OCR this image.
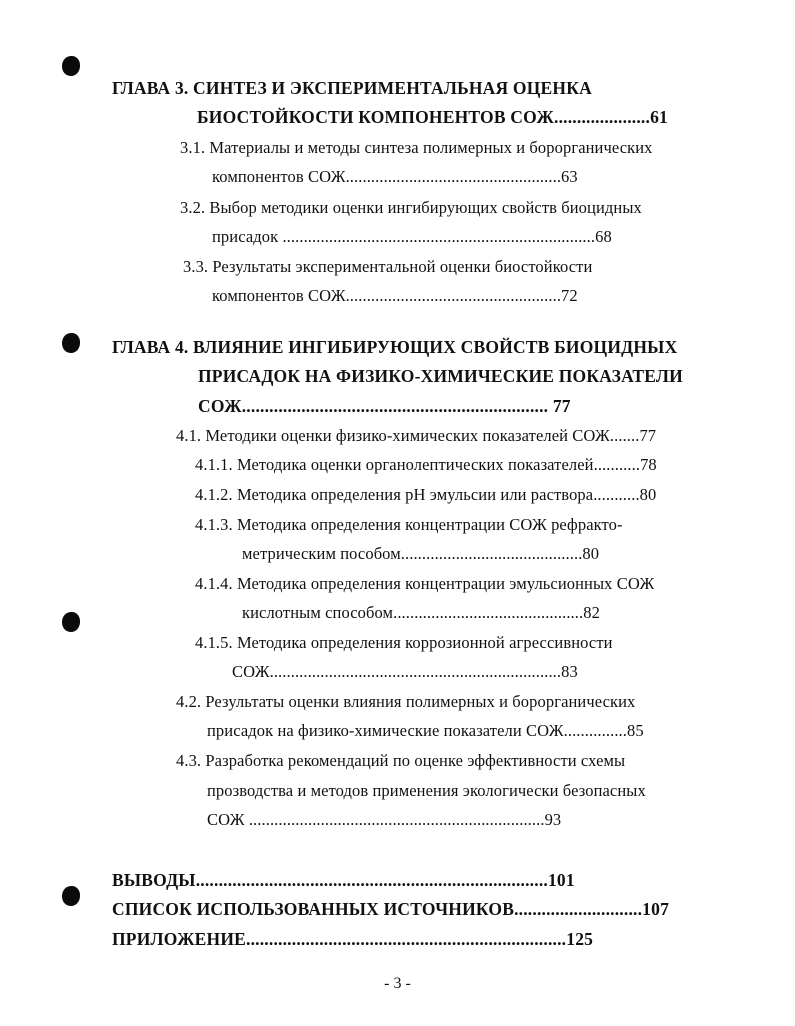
ГЛАВА 3. СИНТЕЗ И ЭКСПЕРИМЕНТАЛЬНАЯ ОЦЕНКА
БИОСТОЙКОСТИ КОМПОНЕНТОВ СОЖ.....................61
3.1. Материалы и методы синтеза полимерных и борорганических
компонентов СОЖ...................................................63
3.2. Выбор методики оценки ингибирующих свойств биоцидных
присадок ..........................................................................68
3.3. Результаты экспериментальной оценки биостойкости
компонентов СОЖ...................................................72
ГЛАВА 4. ВЛИЯНИЕ ИНГИБИРУЮЩИХ СВОЙСТВ БИОЦИДНЫХ
ПРИСАДОК НА ФИЗИКО-ХИМИЧЕСКИЕ ПОКАЗАТЕЛИ
СОЖ................................................................... 77
4.1. Методики оценки физико-химических показателей СОЖ.......77
4.1.1. Методика оценки органолептических показателей...........78
4.1.2. Методика определения pH эмульсии или раствора...........80
4.1.3. Методика определения концентрации СОЖ рефракто-
метрическим пособом...........................................80
4.1.4. Методика определения концентрации эмульсионных СОЖ
кислотным способом.............................................82
4.1.5. Методика определения коррозионной агрессивности
СОЖ.....................................................................83
4.2. Результаты оценки влияния полимерных и борорганических
присадок на физико-химические показатели СОЖ...............85
4.3. Разработка рекомендаций по оценке эффективности схемы
прозводства и методов применения экологически безопасных
СОЖ ......................................................................93
ВЫВОДЫ.............................................................................101
СПИСОК ИСПОЛЬЗОВАННЫХ ИСТОЧНИКОВ............................107
ПРИЛОЖЕНИЕ......................................................................125
- 3 -
